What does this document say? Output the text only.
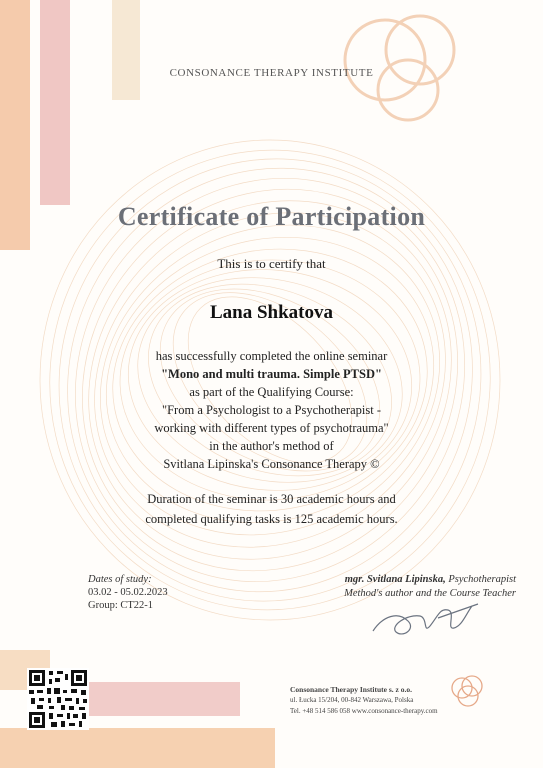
CONSONANCE THERAPY INSTITUTE
Certificate of Participation
This is to certify that
Lana Shkatova
has successfully completed the online seminar
"Mono and multi trauma. Simple PTSD"
as part of the Qualifying Course:
"From a Psychologist to a Psychotherapist -
working with different types of psychotrauma"
in the author's method of
Svitlana Lipinska's Consonance Therapy ©
Duration of the seminar is 30 academic hours and
completed qualifying tasks is 125 academic hours.
Dates of study:
03.02 - 05.02.2023
Group: CT22-1
mgr. Svitlana Lipinska, Psychotherapist
Method's author and the Course Teacher
Consonance Therapy Institute s. z o.o.
ul. Łucka 15/204, 00-842 Warszawa, Polska
Tel. +48 514 586 058 www.consonance-therapy.com
